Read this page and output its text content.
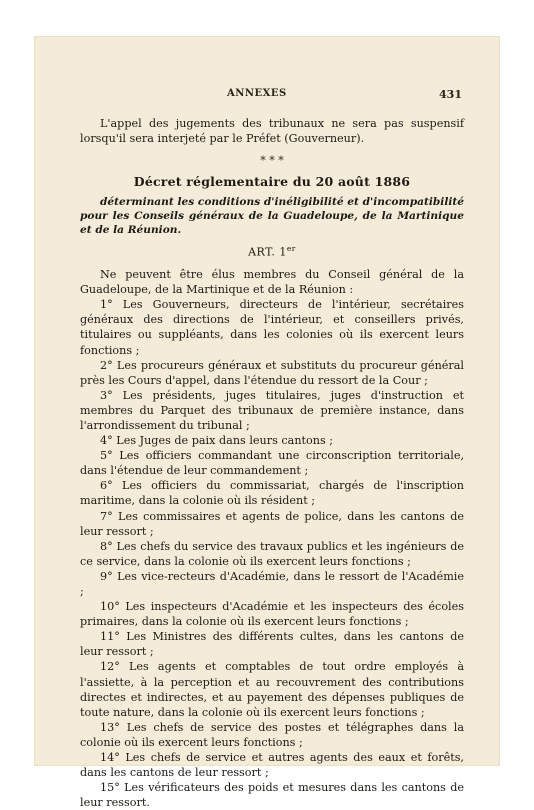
ANNEXES	431

L'appel des jugements des tribunaux ne sera pas suspensif lorsqu'il sera interjeté par le Préfet (Gouverneur).

* * *
Décret réglementaire du 20 août 1886

déterminant les conditions d'inéligibilité et d'incompatibilité pour les Conseils généraux de la Guadeloupe, de la Martinique et de la Réunion.

ART. 1er

Ne peuvent être élus membres du Conseil général de la Guadeloupe, de la Martinique et de la Réunion :

1° Les Gouverneurs, directeurs de l'intérieur, secrétaires généraux des directions de l'intérieur, et conseillers privés, titulaires ou suppléants, dans les colonies où ils exercent leurs fonctions ;

2° Les procureurs généraux et substituts du procureur général près les Cours d'appel, dans l'étendue du ressort de la Cour ;

3° Les présidents, juges titulaires, juges d'instruction et membres du Parquet des tribunaux de première instance, dans l'arrondissement du tribunal ;

4° Les Juges de paix dans leurs cantons ;

5° Les officiers commandant une circonscription territoriale, dans l'étendue de leur commandement ;

6° Les officiers du commissariat, chargés de l'inscription maritime, dans la colonie où ils résident ;

7° Les commissaires et agents de police, dans les cantons de leur ressort ;

8° Les chefs du service des travaux publics et les ingénieurs de ce service, dans la colonie où ils exercent leurs fonctions ;

9° Les vice-recteurs d'Académie, dans le ressort de l'Académie ;

10° Les inspecteurs d'Académie et les inspecteurs des écoles primaires, dans la colonie où ils exercent leurs fonctions ;

11° Les Ministres des différents cultes, dans les cantons de leur ressort ;

12° Les agents et comptables de tout ordre employés à l'assiette, à la perception et au recouvrement des contributions directes et indirectes, et au payement des dépenses publiques de toute nature, dans la colonie où ils exercent leurs fonctions ;

13° Les chefs de service des postes et télégraphes dans la colonie où ils exercent leurs fonctions ;

14° Les chefs de service et autres agents des eaux et forêts, dans les cantons de leur ressort ;

15° Les vérificateurs des poids et mesures dans les cantons de leur ressort.
